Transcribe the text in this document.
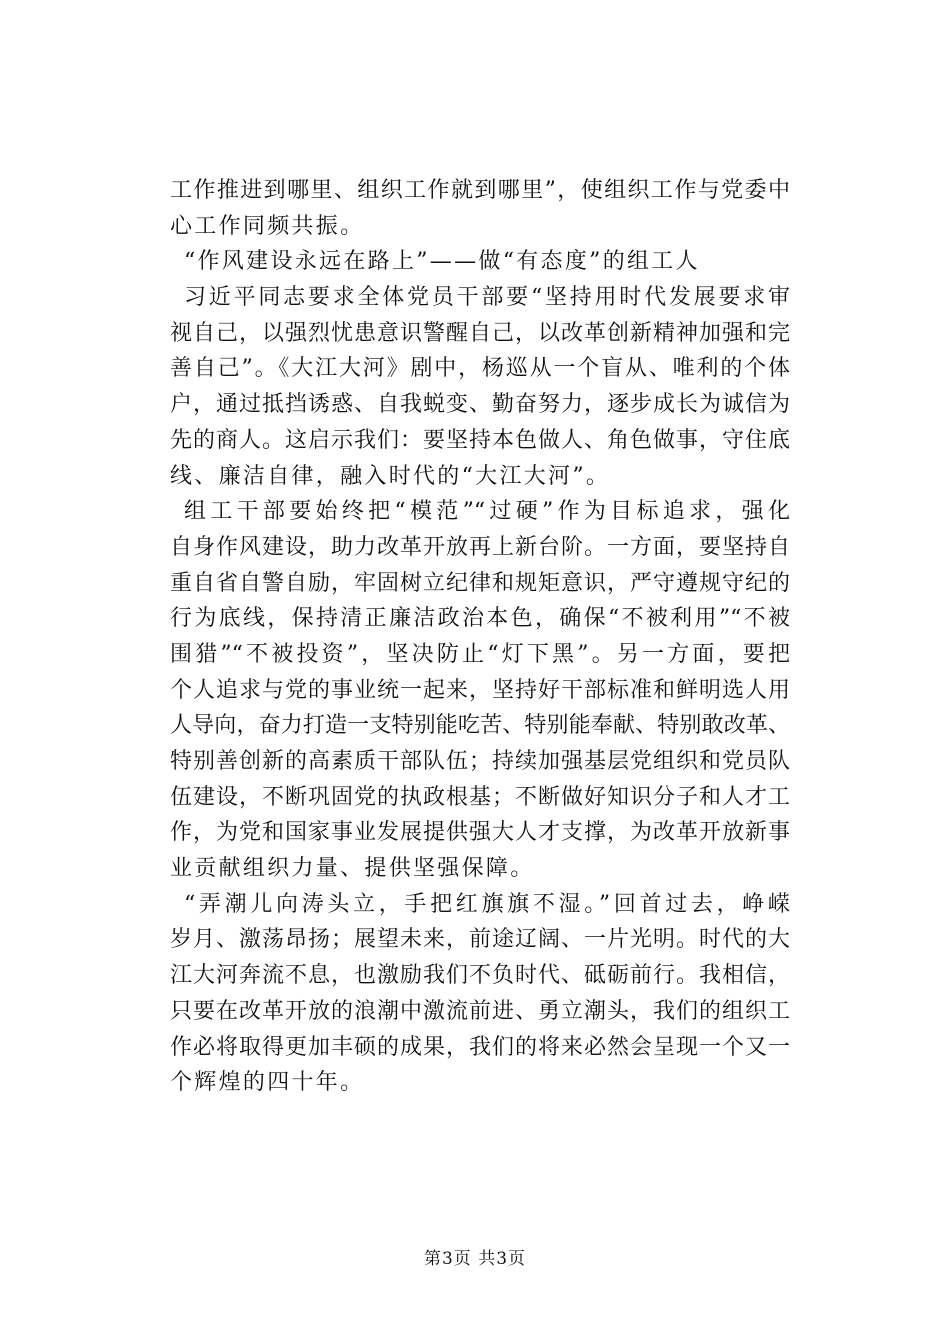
工作推进到哪里、组织工作就到哪里”，使组织工作与党委中
心工作同频共振。
“作风建设永远在路上”——做“有态度”的组工人
习近平同志要求全体党员干部要“坚持用时代发展要求审
视自己，以强烈忧患意识警醒自己，以改革创新精神加强和完
善自己”。《大江大河》剧中，杨巡从一个盲从、唯利的个体
户，通过抵挡诱惑、自我蜕变、勤奋努力，逐步成长为诚信为
先的商人。这启示我们：要坚持本色做人、角色做事，守住底
线、廉洁自律，融入时代的“大江大河”。
组工干部要始终把“模范”“过硬”作为目标追求，强化
自身作风建设，助力改革开放再上新台阶。一方面，要坚持自
重自省自警自励，牢固树立纪律和规矩意识，严守遵规守纪的
行为底线，保持清正廉洁政治本色，确保“不被利用”“不被
围猎”“不被投资”，坚决防止“灯下黑”。另一方面，要把
个人追求与党的事业统一起来，坚持好干部标准和鲜明选人用
人导向，奋力打造一支特别能吃苦、特别能奉献、特别敢改革、
特别善创新的高素质干部队伍；持续加强基层党组织和党员队
伍建设，不断巩固党的执政根基；不断做好知识分子和人才工
作，为党和国家事业发展提供强大人才支撑，为改革开放新事
业贡献组织力量、提供坚强保障。
“弄潮儿向涛头立，手把红旗旗不湿。”回首过去，峥嵘
岁月、激荡昂扬；展望未来，前途辽阔、一片光明。时代的大
江大河奔流不息，也激励我们不负时代、砥砺前行。我相信，
只要在改革开放的浪潮中激流前进、勇立潮头，我们的组织工
作必将取得更加丰硕的成果，我们的将来必然会呈现一个又一
个辉煌的四十年。
第3页 共3页
